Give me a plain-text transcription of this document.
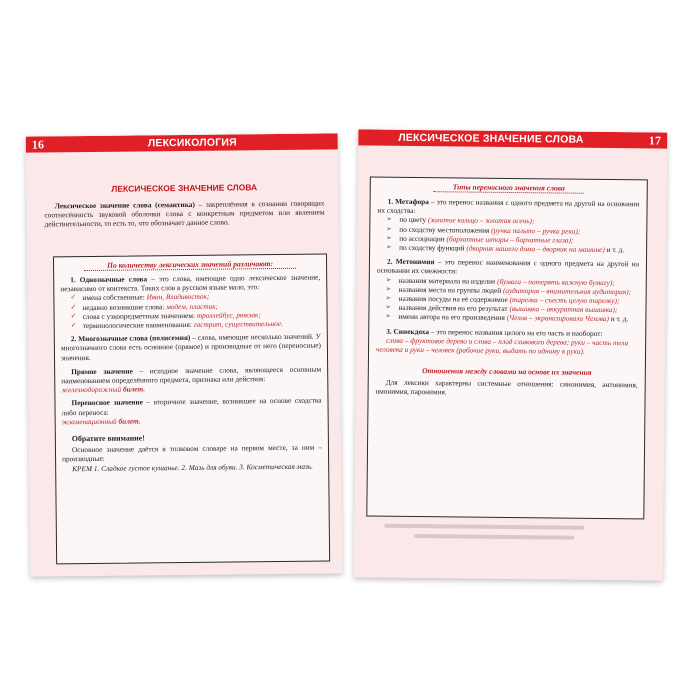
16	ЛЕКСИКОЛОГИЯ
ЛЕКСИЧЕСКОЕ ЗНАЧЕНИЕ СЛОВА
Лексическое значение слова (семантика) – закреплённая в сознании говорящих соотнесённость звуковой оболочки слова с конкретным предметом или явлением действительности, то есть то, что обозначает данное слово.
По количеству лексических значений различают:
1. Однозначные слова – это слова, имеющие одно лексическое значение, независимо от контекста. Таких слов в русском языке мало, это:
✓ имена собственные: Иван, Владивосток;
✓ недавно возникшие слова: модем, пластик;
✓ слова с узкопредметным значением: троллейбус, рюкзак;
✓ терминологические наименования: гастрит, существительное.
2. Многозначные слова (полисемия) – слова, имеющие несколько значений. У многозначного слова есть основное (прямое) и производные от него (переносные) значения.
Прямое значение – исходное значение слова, являющееся основным наименованием определённого предмета, признака или действия:
железнодорожный билет.
Переносное значение – вторичное значение, возникшее на основе сходства либо переноса:
экзаменационный билет.
Обратите внимание!
Основное значение даётся в толковом словаре на первом месте, за ним – производные:
КРЕМ 1. Сладкое густое кушанье. 2. Мазь для обуви. 3. Косметическая мазь.
ЛЕКСИЧЕСКОЕ ЗНАЧЕНИЕ СЛОВА	17
Типы переносного значения слова
1. Метафора – это перенос названия с одного предмета на другой на основании их сходства:
➢ по цвету (золотое кольцо – золотая осень);
➢ по сходству местоположения (ручка пальто – ручка реки);
➢ по ассоциации (бархатные шторы – бархатные глаза);
➢ по сходству функций (дворник нашего дома – дворник на машине) и т. д.
2. Метонимия – это перенос наименования с одного предмета на другой на основании их смежности:
➢ названия материала на изделие (бумага – потерять важную бумагу);
➢ названия места на группы людей (аудитория – внимательная аудитория);
➢ названия посуды на её содержимое (тарелка – съесть целую тарелку);
➢ названия действия на его результат (вышивка – аккуратная вышивка);
➢ имени автора на его произведения (Чехов – экранизировали Чехова) и т. д.
3. Синекдоха – это перенос названия целого на его часть и наоборот:
слива – фруктовое дерево и слива – плод сливового дерева; руки – часть тела человека и руки – человек (рабочие руки, выдать по одному в руки).
Отношения между словами на основе их значения
Для лексики характерны системные отношения: синонимия, антонимия, омонимия, паронимия.
